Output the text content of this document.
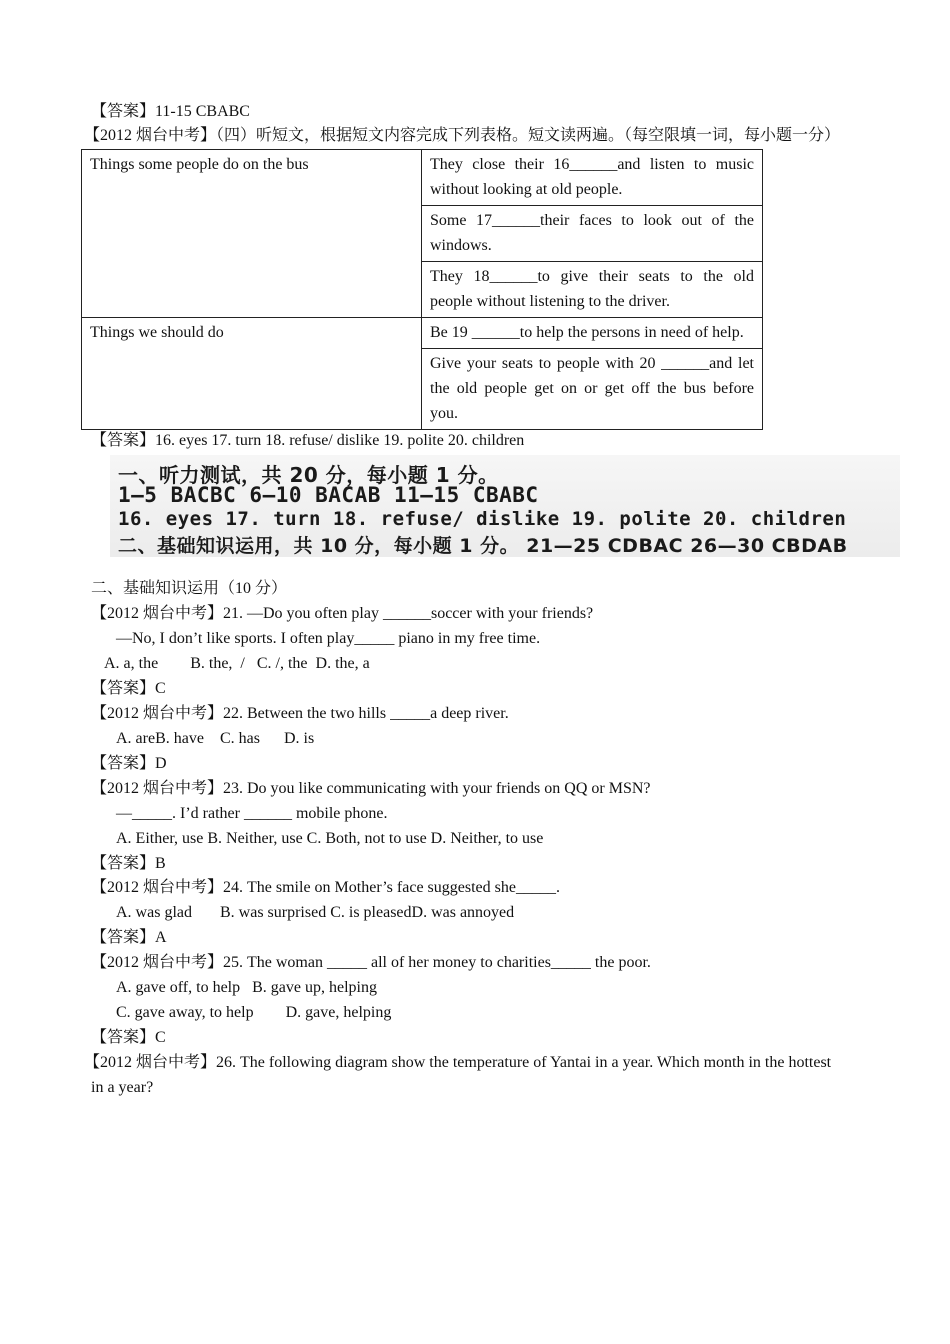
【答案】11-15 CBABC
【2012 烟台中考】（四）听短文，根据短文内容完成下列表格。短文读两遍。（每空限填一词，每小题一分）
Things some people do on the bus	They close their 16______and listen to music without looking at old people.
	Some 17______their faces to look out of the windows.
	They 18______to give their seats to the old people without listening to the driver.
Things we should do	Be 19 ______to help the persons in need of help.
	Give your seats to people with 20 ______and let the old people get on or get off the bus before you.
【答案】16. eyes 17. turn 18. refuse/ dislike 19. polite 20. children
一、听力测试，共 20 分，每小题 1 分。
1—5 BACBC 6—10 BACAB 11—15 CBABC
16. eyes 17. turn 18. refuse/ dislike 19. polite 20. children
二、基础知识运用，共 10 分，每小题 1 分。 21—25 CDBAC 26—30 CBDAB
二、基础知识运用（10 分）
【2012 烟台中考】21. —Do you often play ______soccer with your friends?
—No, I don’t like sports. I often play_____ piano in my free time.
A. a, the        B. the,  /   C. /, the  D. the, a
【答案】C
【2012 烟台中考】22. Between the two hills _____a deep river.
A. areB. have    C. has      D. is
【答案】D
【2012 烟台中考】23. Do you like communicating with your friends on QQ or MSN?
—_____. I’d rather ______ mobile phone.
A. Either, use B. Neither, use C. Both, not to use D. Neither, to use
【答案】B
【2012 烟台中考】24. The smile on Mother’s face suggested she_____.
A. was glad       B. was surprised C. is pleasedD. was annoyed
【答案】A
【2012 烟台中考】25. The woman _____ all of her money to charities_____ the poor.
A. gave off, to help   B. gave up, helping
C. gave away, to help        D. gave, helping
【答案】C
【2012 烟台中考】26. The following diagram show the temperature of Yantai in a year. Which month in the hottest
in a year?
